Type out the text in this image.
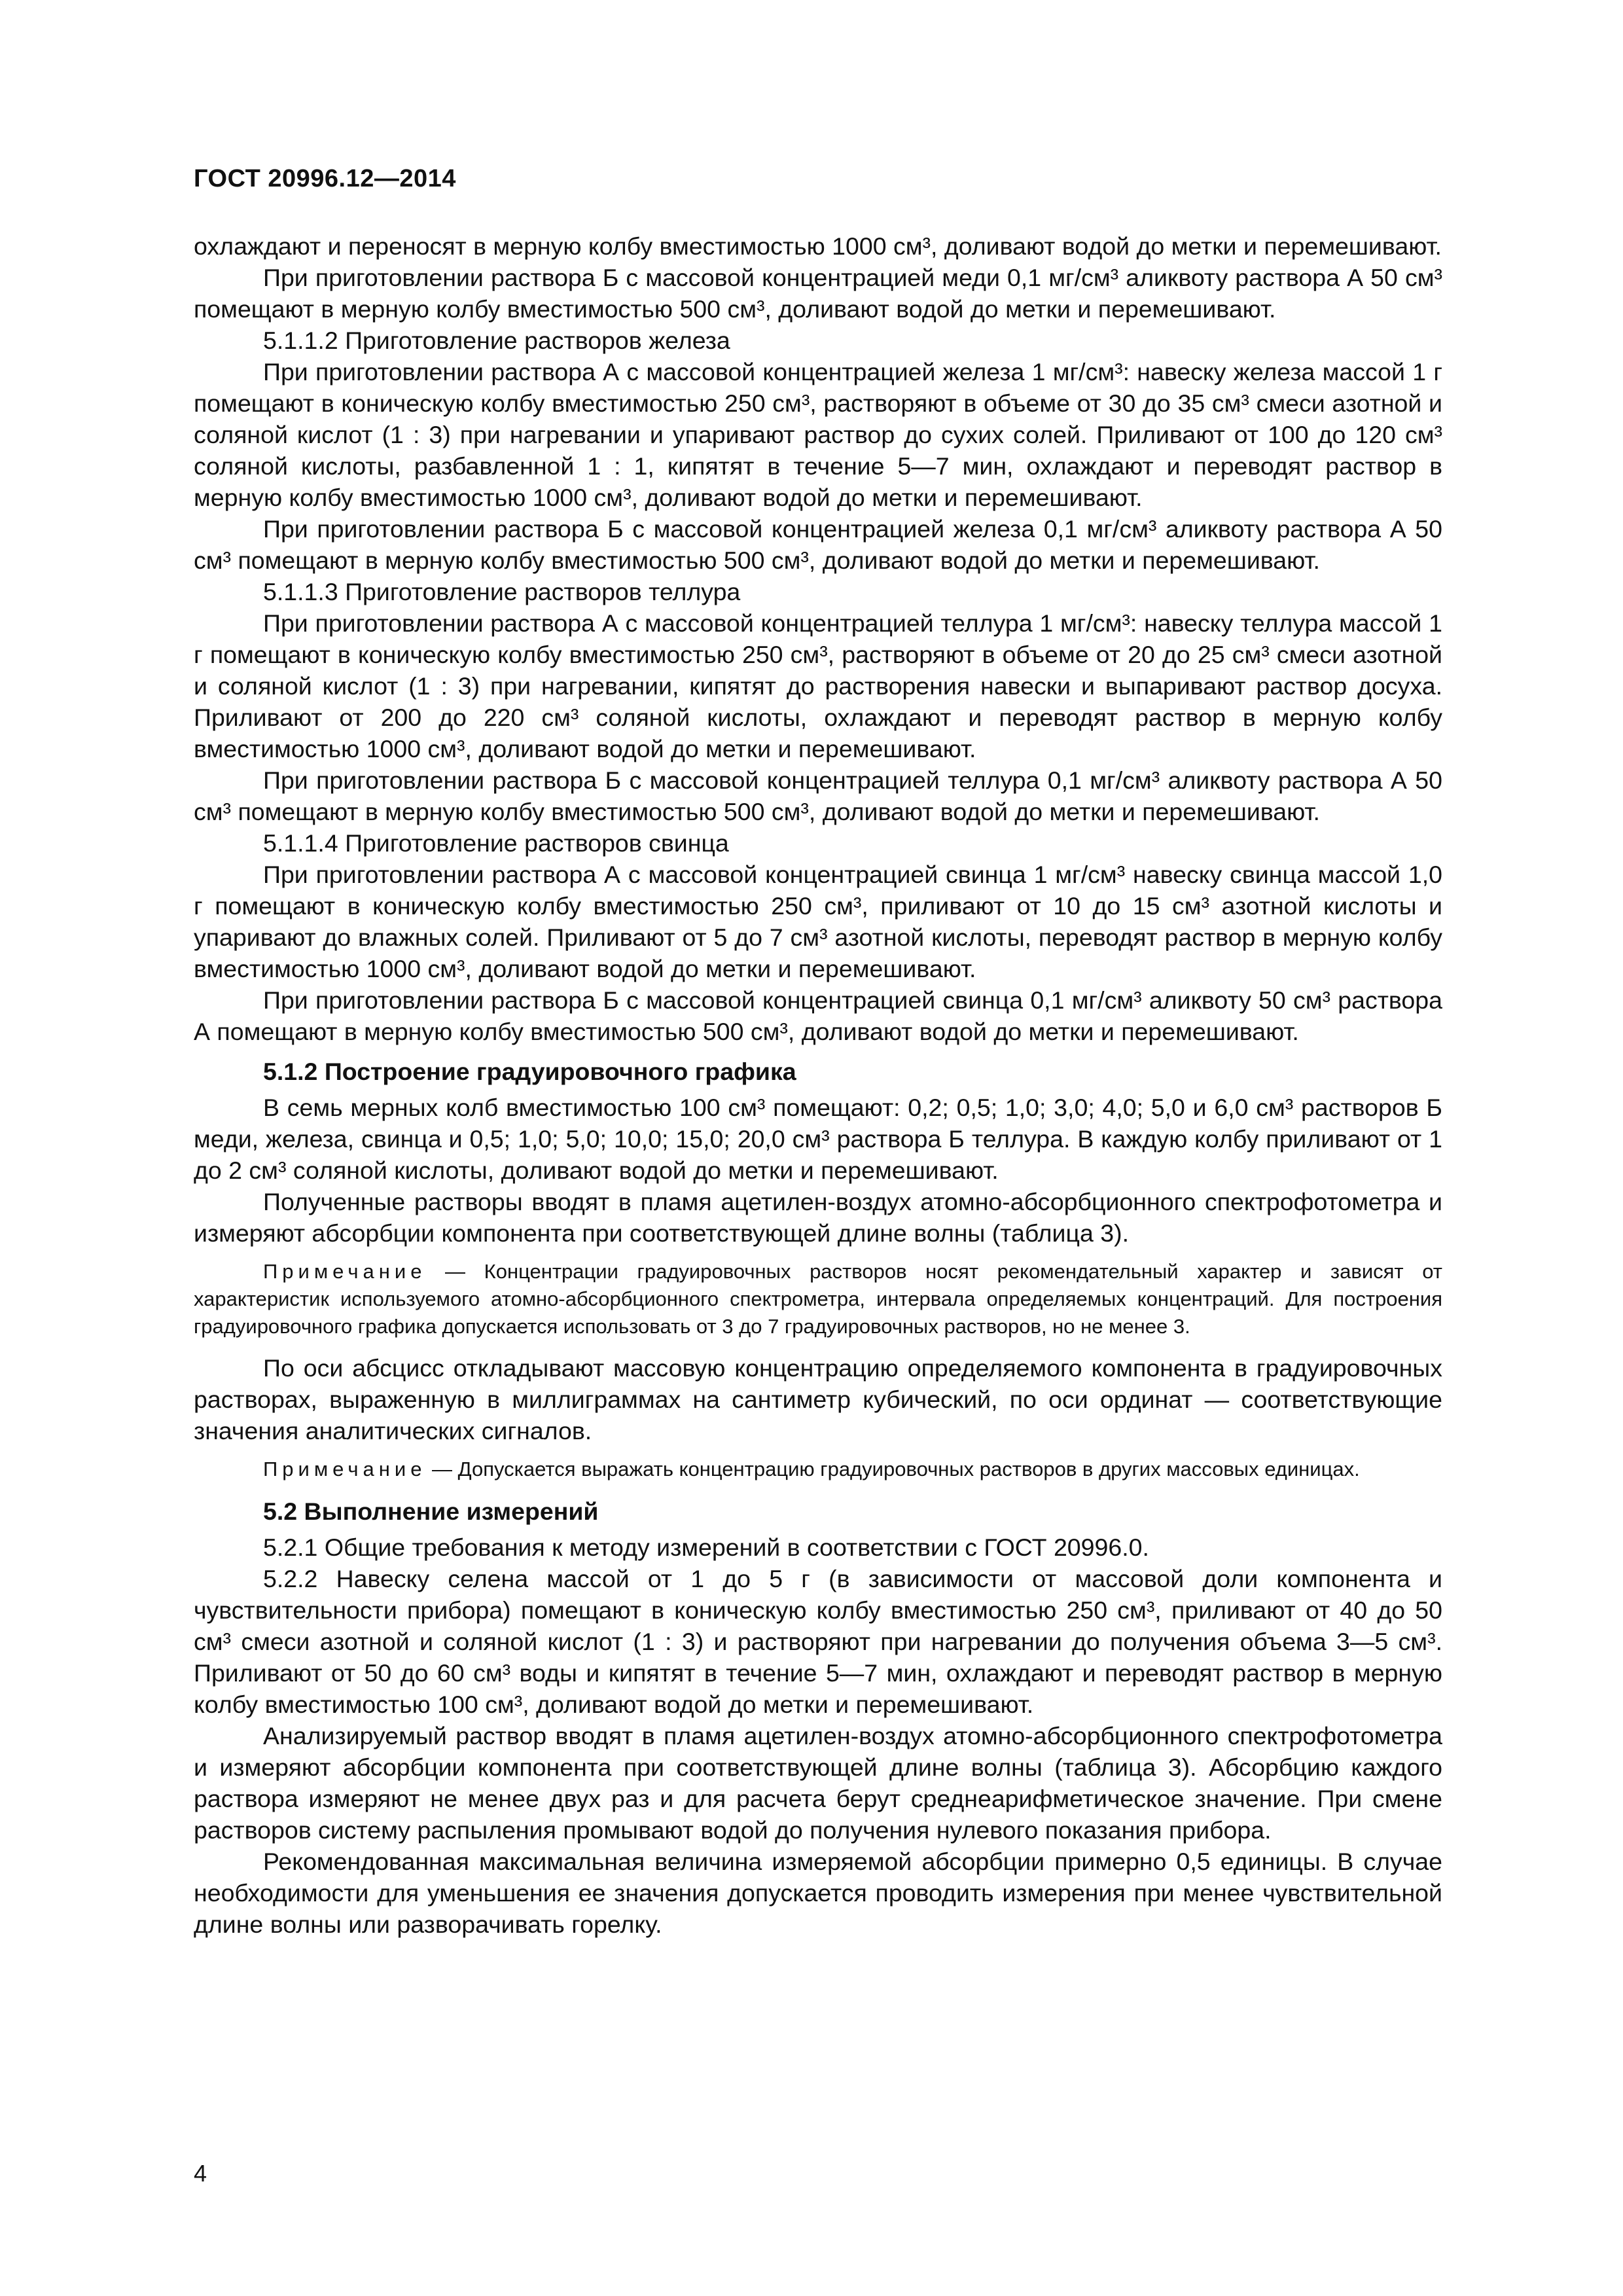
ГОСТ 20996.12—2014

охлаждают и переносят в мерную колбу вместимостью 1000 см³, доливают водой до метки и перемешивают.

При приготовлении раствора Б с массовой концентрацией меди 0,1 мг/см³ аликвоту раствора А 50 см³ помещают в мерную колбу вместимостью 500 см³, доливают водой до метки и перемешивают.

5.1.1.2 Приготовление растворов железа

При приготовлении раствора А с массовой концентрацией железа 1 мг/см³: навеску железа массой 1 г помещают в коническую колбу вместимостью 250 см³, растворяют в объеме от 30 до 35 см³ смеси азотной и соляной кислот (1 : 3) при нагревании и упаривают раствор до сухих солей. Приливают от 100 до 120 см³ соляной кислоты, разбавленной 1 : 1, кипятят в течение 5—7 мин, охлаждают и переводят раствор в мерную колбу вместимостью 1000 см³, доливают водой до метки и перемешивают.

При приготовлении раствора Б с массовой концентрацией железа 0,1 мг/см³ аликвоту раствора А 50 см³ помещают в мерную колбу вместимостью 500 см³, доливают водой до метки и перемешивают.

5.1.1.3 Приготовление растворов теллура

При приготовлении раствора А с массовой концентрацией теллура 1 мг/см³: навеску теллура массой 1 г помещают в коническую колбу вместимостью 250 см³, растворяют в объеме от 20 до 25 см³ смеси азотной и соляной кислот (1 : 3) при нагревании, кипятят до растворения навески и выпаривают раствор досуха. Приливают от 200 до 220 см³ соляной кислоты, охлаждают и переводят раствор в мерную колбу вместимостью 1000 см³, доливают водой до метки и перемешивают.

При приготовлении раствора Б с массовой концентрацией теллура 0,1 мг/см³ аликвоту раствора А 50 см³ помещают в мерную колбу вместимостью 500 см³, доливают водой до метки и перемешивают.

5.1.1.4 Приготовление растворов свинца

При приготовлении раствора А с массовой концентрацией свинца 1 мг/см³ навеску свинца массой 1,0 г помещают в коническую колбу вместимостью 250 см³, приливают от 10 до 15 см³ азотной кислоты и упаривают до влажных солей. Приливают от 5 до 7 см³ азотной кислоты, переводят раствор в мерную колбу вместимостью 1000 см³, доливают водой до метки и перемешивают.

При приготовлении раствора Б с массовой концентрацией свинца 0,1 мг/см³ аликвоту 50 см³ раствора А помещают в мерную колбу вместимостью 500 см³, доливают водой до метки и перемешивают.

5.1.2 Построение градуировочного графика

В семь мерных колб вместимостью 100 см³ помещают: 0,2; 0,5; 1,0; 3,0; 4,0; 5,0 и 6,0 см³ растворов Б меди, железа, свинца и 0,5; 1,0; 5,0; 10,0; 15,0; 20,0 см³ раствора Б теллура. В каждую колбу приливают от 1 до 2 см³ соляной кислоты, доливают водой до метки и перемешивают.

Полученные растворы вводят в пламя ацетилен-воздух атомно-абсорбционного спектрофотометра и измеряют абсорбции компонента при соответствующей длине волны (таблица 3).

Примечание — Концентрации градуировочных растворов носят рекомендательный характер и зависят от характеристик используемого атомно-абсорбционного спектрометра, интервала определяемых концентраций. Для построения градуировочного графика допускается использовать от 3 до 7 градуировочных растворов, но не менее 3.

По оси абсцисс откладывают массовую концентрацию определяемого компонента в градуировочных растворах, выраженную в миллиграммах на сантиметр кубический, по оси ординат — соответствующие значения аналитических сигналов.

Примечание — Допускается выражать концентрацию градуировочных растворов в других массовых единицах.

5.2 Выполнение измерений

5.2.1 Общие требования к методу измерений в соответствии с ГОСТ 20996.0.

5.2.2 Навеску селена массой от 1 до 5 г (в зависимости от массовой доли компонента и чувствительности прибора) помещают в коническую колбу вместимостью 250 см³, приливают от 40 до 50 см³ смеси азотной и соляной кислот (1 : 3) и растворяют при нагревании до получения объема 3—5 см³. Приливают от 50 до 60 см³ воды и кипятят в течение 5—7 мин, охлаждают и переводят раствор в мерную колбу вместимостью 100 см³, доливают водой до метки и перемешивают.

Анализируемый раствор вводят в пламя ацетилен-воздух атомно-абсорбционного спектрофотометра и измеряют абсорбции компонента при соответствующей длине волны (таблица 3). Абсорбцию каждого раствора измеряют не менее двух раз и для расчета берут среднеарифметическое значение. При смене растворов систему распыления промывают водой до получения нулевого показания прибора.

Рекомендованная максимальная величина измеряемой абсорбции примерно 0,5 единицы. В случае необходимости для уменьшения ее значения допускается проводить измерения при менее чувствительной длине волны или разворачивать горелку.

4
